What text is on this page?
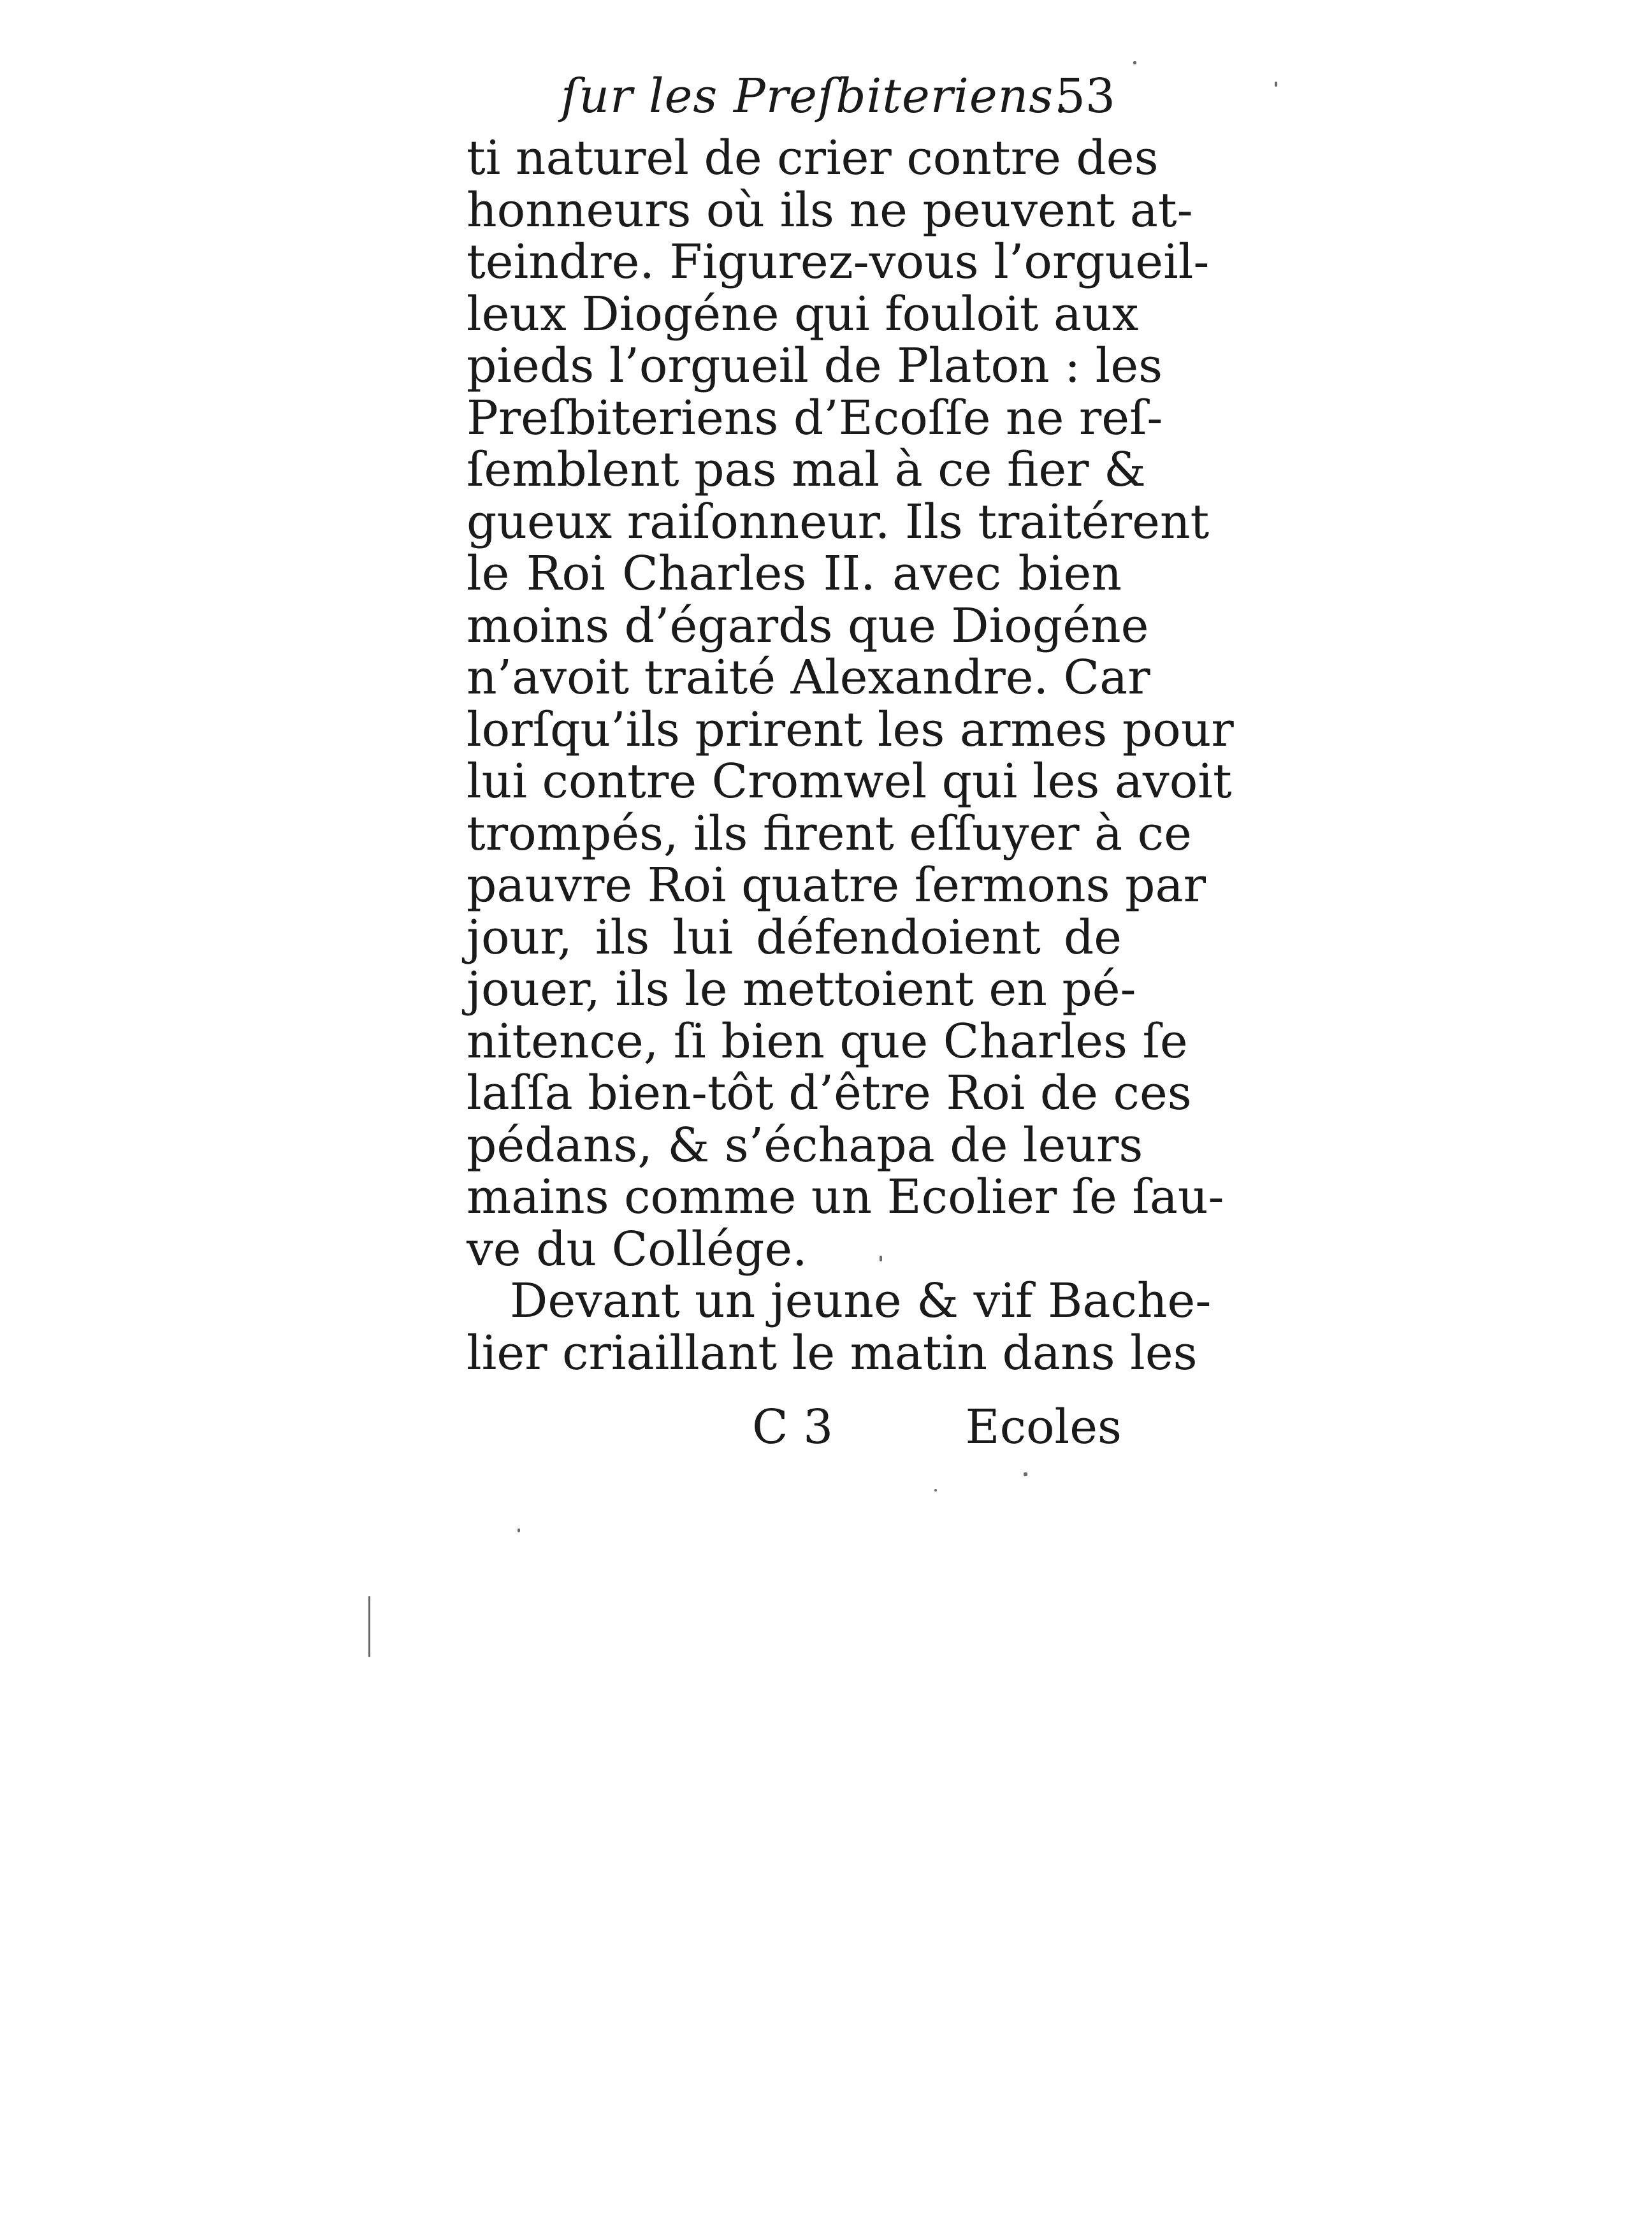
ſur les Preſbiteriens.
53
ti naturel de crier contre des
honneurs où ils ne peuvent at-
teindre. Figurez-vous l’orgueil-
leux Diogéne qui fouloit aux
pieds l’orgueil de Platon : les
Preſbiteriens d’Ecoſſe ne reſ-
ſemblent pas mal à ce fier &
gueux raiſonneur. Ils traitérent
le Roi Charles II. avec bien
moins d’égards que Diogéne
n’avoit traité Alexandre. Car
lorſqu’ils prirent les armes pour
lui contre Cromwel qui les avoit
trompés, ils firent eſſuyer à ce
pauvre Roi quatre ſermons par
jour, ils lui défendoient de
jouer, ils le mettoient en pé-
nitence, ſi bien que Charles ſe
laſſa bien-tôt d’être Roi de ces
pédans, & s’échapa de leurs
mains comme un Ecolier ſe ſau-
ve du Collége.
Devant un jeune & vif Bache-
lier criaillant le matin dans les
C 3	Ecoles
